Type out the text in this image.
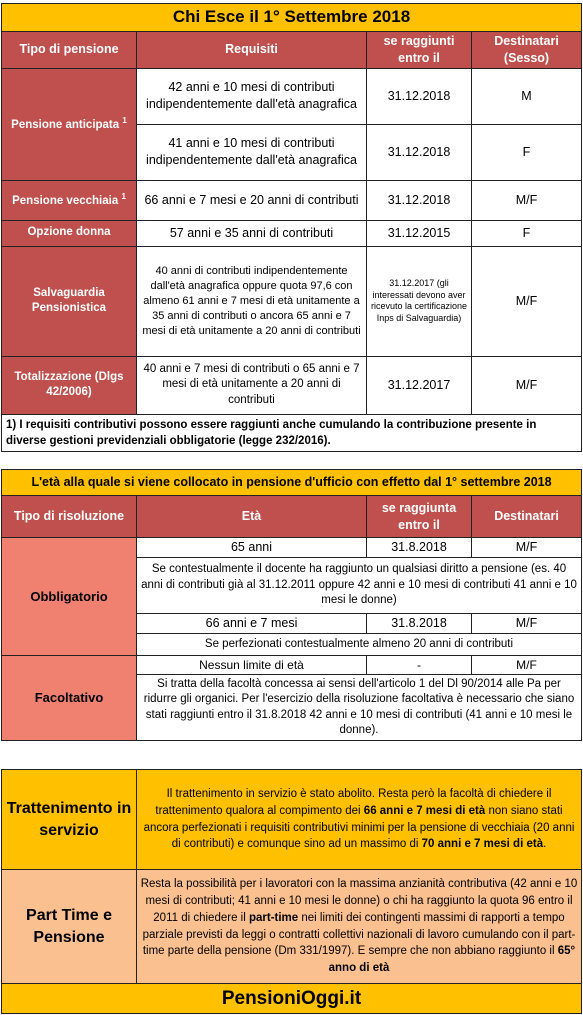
Chi Esce il 1° Settembre 2018			
Tipo di pensione	Requisiti	se raggiunti entro il	Destinatari (Sesso)
Pensione anticipata $^1$	42 anni e 10 mesi di contributi indipendentemente dall'età anagrafica	31.12.2018	M
	41 anni e 10 mesi di contributi indipendentemente dall'età anagrafica	31.12.2018	F
Pensione vecchiaia $^1$	66 anni e 7 mesi e 20 anni di contributi	31.12.2018	M/F
Opzione donna	57 anni e 35 anni di contributi	31.12.2015	F
Salvaguardia Pensionistica	40 anni di contributi indipendentemente dall'età anagrafica oppure quota 97,6 con almeno 61 anni e 7 mesi di età unitamente a 35 anni di contributi o ancora 65 anni e 7 mesi di età unitamente a 20 anni di contributi	31.12.2017 (gli interessati devono aver ricevuto la certificazione Inps di Salvaguardia)	M/F
Totalizzazione (Dlgs 42/2006)	40 anni e 7 mesi di contributi o 65 anni e 7 mesi di età unitamente a 20 anni di contributi	31.12.2017	M/F
1) I requisiti contributivi possono essere raggiunti anche cumulando la contribuzione presente in diverse gestioni previdenziali obbligatorie (legge 232/2016).			
L'età alla quale si viene collocato in pensione d'ufficio con effetto dal 1° settembre 2018			
Tipo di risoluzione	Età	se raggiunta entro il	Destinatari
Obbligatorio	65 anni	31.8.2018	M/F
	Se contestualmente il docente ha raggiunto un qualsiasi diritto a pensione (es. 40 anni di contributi già al 31.12.2011 oppure 42 anni e 10 mesi di contributi 41 anni e 10 mesi le donne)		
	66 anni e 7 mesi	31.8.2018	M/F
	Se perfezionati contestualmente almeno 20 anni di contributi		
Facoltativo	Nessun limite di età	-	M/F
	Si tratta della facoltà concessa ai sensi dell'articolo 1 del Dl 90/2014 alle Pa per ridurre gli organici. Per l'esercizio della risoluzione facoltativa è necessario che siano stati raggiunti entro il 31.8.2018 42 anni e 10 mesi di contributi (41 anni e 10 mesi le donne).		
Trattenimento in servizio	Il trattenimento in servizio è stato abolito. Resta però la facoltà di chiedere il trattenimento qualora al compimento dei 66 anni e 7 mesi di età non siano stati ancora perfezionati i requisiti contributivi minimi per la pensione di vecchiaia (20 anni di contributi) e comunque sino ad un massimo di 70 anni e 7 mesi di età.
Part Time e Pensione	Resta la possibilità per i lavoratori con la massima anzianità contributiva (42 anni e 10 mesi di contributi; 41 anni e 10 mesi le donne) o chi ha raggiunto la quota 96 entro il 2011 di chiedere il part-time nei limiti dei contingenti massimi di rapporti a tempo parziale previsti da leggi o contratti collettivi nazionali di lavoro cumulando con il part-time parte della pensione (Dm 331/1997). E sempre che non abbiano raggiunto il 65° anno di età
PensioniOggi.it	
